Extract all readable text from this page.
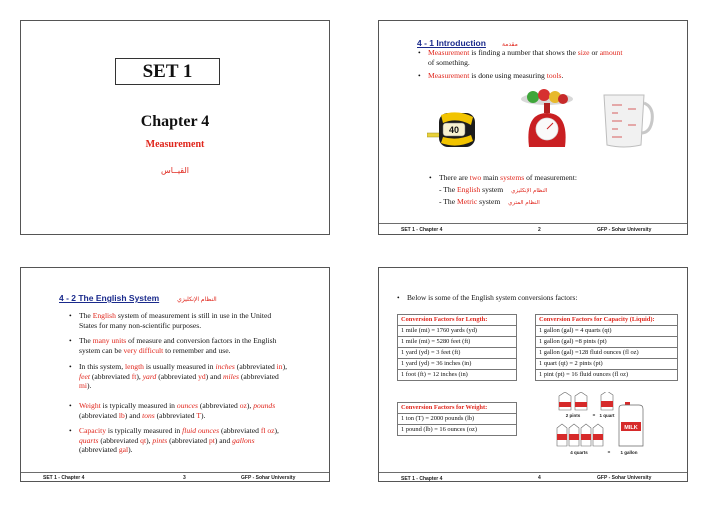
SET 1
Chapter 4
Measurement
القيــاس
4 - 1 Introduction	مقدمة
• Measurement is finding a number that shows the size or amount
of something.
• Measurement is done using measuring tools.
40
• There are two main systems of measurement:
- The English system النظام الإنكليزي
- The Metric system النظام المتري
SET 1 - Chapter 4	2	GFP - Sohar University
4 - 2 The English System	النظام الإنكليزي
• The English system of measurement is still in use in the United
States for many non-scientific purposes.
• The many units of measure and conversion factors in the English
system can be very difficult to remember and use.
• In this system, length is usually measured in inches (abbreviated in),
feet (abbreviated ft), yard (abbreviated yd) and miles (abbreviated
mi).
• Weight is typically measured in ounces (abbreviated oz), pounds
(abbreviated lb) and tons (abbreviated T).
• Capacity is typically measured in fluid ounces (abbreviated fl oz),
quarts (abbreviated qt), pints (abbreviated pt) and gallons
(abbreviated gal).
SET 1 - Chapter 4	3	GFP - Sohar University
• Below is some of the English system conversions factors:
Conversion Factors for Length:
1 mile (mi) = 1760 yards (yd)
1 mile (mi) = 5280 feet (ft)
1 yard (yd) = 3 feet (ft)
1 yard (yd) = 36 inches (in)
1 foot (ft) = 12 inches (in)
Conversion Factors for Capacity (Liquid):
1 gallon (gal) = 4 quarts (qt)
1 gallon (gal) =8 pints (pt)
1 gallon (gal) =128 fluid ounces (fl oz)
1 quart (qt) = 2 pints (pt)
1 pint (pt) = 16 fluid ounces (fl oz)
Conversion Factors for Weight:
1 ton (T) = 2000 pounds (lb)
1 pound (lb) = 16 ounces (oz)
2 pints	= 1 quart
MILK
4 quarts	= 1 gallon
SET 1 - Chapter 4	4	GFP - Sohar University
